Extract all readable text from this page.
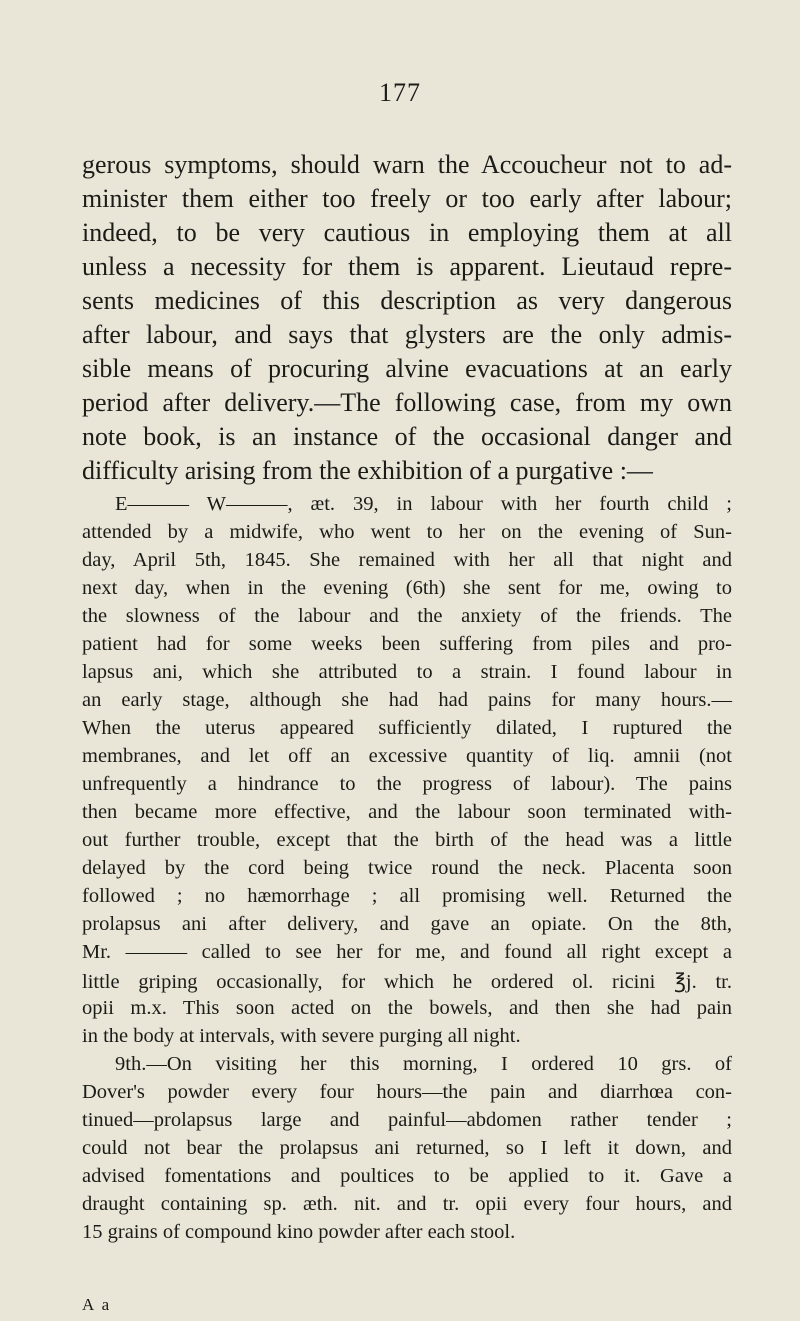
177
gerous symptoms, should warn the Accoucheur not to ad-
minister them either too freely or too early after labour;
indeed, to be very cautious in employing them at all
unless a necessity for them is apparent. Lieutaud repre-
sents medicines of this description as very dangerous
after labour, and says that glysters are the only admis-
sible means of procuring alvine evacuations at an early
period after delivery.—The following case, from my own
note book, is an instance of the occasional danger and
difficulty arising from the exhibition of a purgative :—
E——— W———, æt. 39, in labour with her fourth child ;
attended by a midwife, who went to her on the evening of Sun-
day, April 5th, 1845. She remained with her all that night and
next day, when in the evening (6th) she sent for me, owing to
the slowness of the labour and the anxiety of the friends. The
patient had for some weeks been suffering from piles and pro-
lapsus ani, which she attributed to a strain. I found labour in
an early stage, although she had had pains for many hours.—
When the uterus appeared sufficiently dilated, I ruptured the
membranes, and let off an excessive quantity of liq. amnii (not
unfrequently a hindrance to the progress of labour). The pains
then became more effective, and the labour soon terminated with-
out further trouble, except that the birth of the head was a little
delayed by the cord being twice round the neck. Placenta soon
followed ; no hæmorrhage ; all promising well. Returned the
prolapsus ani after delivery, and gave an opiate. On the 8th,
Mr. ——— called to see her for me, and found all right except a
little griping occasionally, for which he ordered ol. ricini ℥j. tr.
opii m.x. This soon acted on the bowels, and then she had pain
in the body at intervals, with severe purging all night.
9th.—On visiting her this morning, I ordered 10 grs. of
Dover's powder every four hours—the pain and diarrhœa con-
tinued—prolapsus large and painful—abdomen rather tender ;
could not bear the prolapsus ani returned, so I left it down, and
advised fomentations and poultices to be applied to it. Gave a
draught containing sp. æth. nit. and tr. opii every four hours, and
15 grains of compound kino powder after each stool.
A a
